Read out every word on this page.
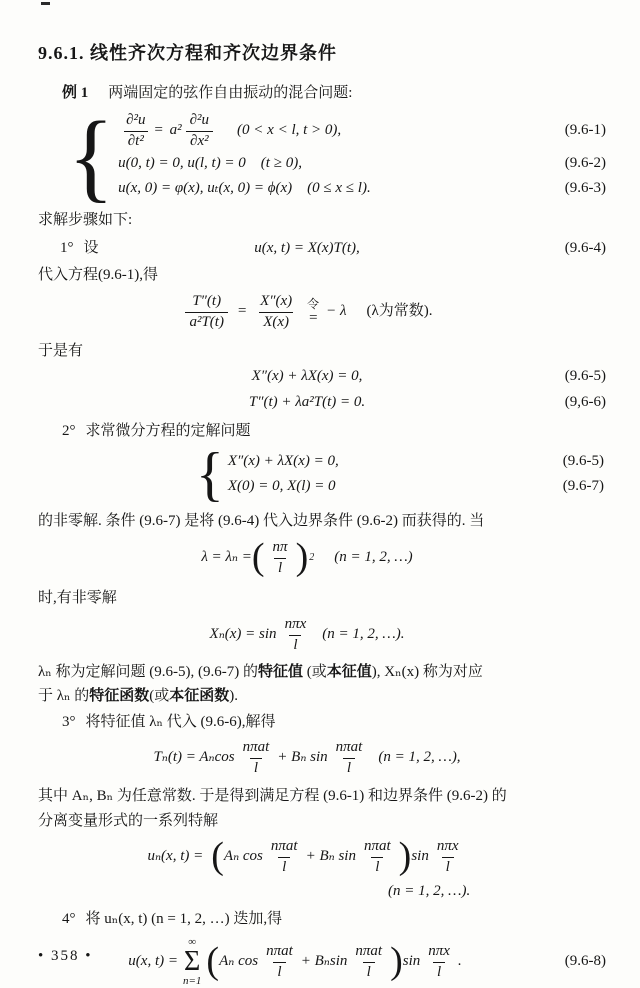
9.6.1. 线性齐次方程和齐次边界条件
例 1 两端固定的弦作自由振动的混合问题:
{ $\frac{\text{∂²u}}{\text{∂t²}} = a^2 \frac{\text{∂²u}}{\text{∂x²}} (0 < x < l$, t > 0),	(9.6-1)
u(0, t) = 0, u(l, t) = 0　(t ≥ 0),	(9.6-2)
u(x, 0) = φ(x), uₜ(x, 0) = ϕ(x)　(0 ≤ x ≤ l).	(9.6-3)
求解步骤如下:
1° 设	u(x, t) = X(x)T(t),	(9.6-4)
代入方程(9.6-1),得
$\frac{T''(t)}{\text{a²T(t)}} = \frac{X''(x)}{X(x)}$ 令
= − λ (λ为常数).
于是有
X″(x) + λX(x) = 0,	(9.6-5)
T″(t) + λa²T(t) = 0.	(9,6-6)
2° 求常微分方程的定解问题
{ X″(x) + λX(x) = 0,	(9.6-5)
X(0) = 0, X(l) = 0	(9.6-7)
的非零解. 条件 (9.6-7) 是将 (9.6-4) 代入边界条件 (9.6-2) 而获得的. 当
λ = λₙ = ( $\frac{n\pi}{l}$ ) 2 (n = 1, 2, …)
时,有非零解
$X_n(x) = \sin \frac{\text{nπx}}{l} (n = 1$, 2, …).
λₙ 称为定解问题 (9.6-5), (9.6-7) 的特征值 (或本征值), Xₙ(x) 称为对应
于 λₙ 的特征函数(或本征函数).
3° 将特征值 λₙ 代入 (9.6-6),解得
Tₙ(t) = Aₙcos $\frac{\text{nπat}}{l} + B_n$ $\sin \frac{\text{nπat}}{l} (n = 1$, 2, …),
其中 Aₙ, Bₙ 为任意常数. 于是得到满足方程 (9.6-1) 和边界条件 (9.6-2) 的
分离变量形式的一系列特解
uₙ(x, t) = ( Aₙ $\cos \frac{\text{nπat}}{l} + B_n$ $\sin \frac{\text{nπat}}{l}$ ) $\sin \frac{\text{nπx}}{l}$
(n = 1, 2, …).
4° 将 uₙ(x, t) (n = 1, 2, …) 迭加,得
u(x, t) =
∞
Σ
n=1 ( Aₙ $\cos \frac{\text{nπat}}{l} + B_n\sin \frac{\text{nπat}}{l}$ ) $\sin \frac{\text{nπx}}{l}$ .	(9.6-8)
• 358 •
